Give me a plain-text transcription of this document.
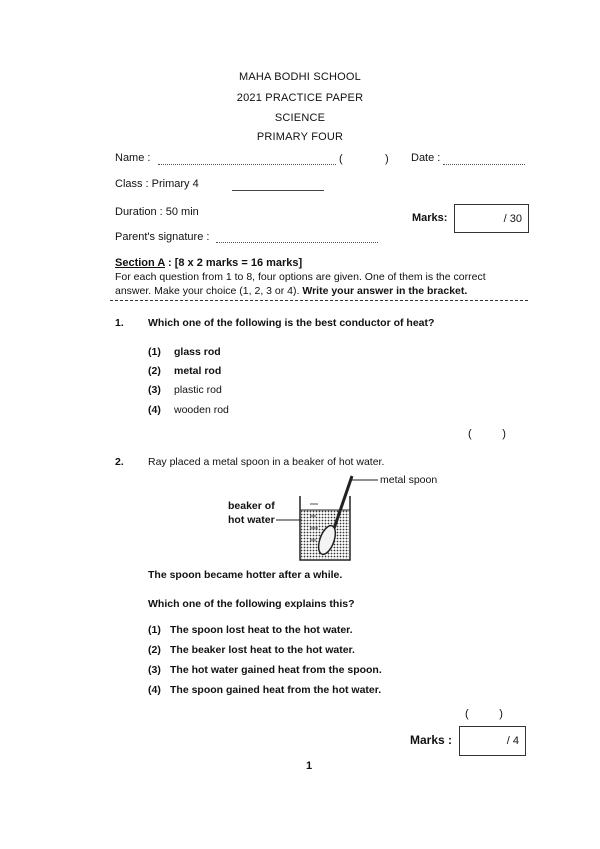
MAHA BODHI SCHOOL
2021 PRACTICE PAPER
SCIENCE
PRIMARY FOUR
Name :	(	) Date :
Class : Primary 4
Duration : 50 min	Marks:	/ 30
Parent's signature :
Section A : [8 x 2 marks = 16 marks]
For each question from 1 to 8, four options are given. One of them is the correct
answer. Make your choice (1, 2, 3 or 4). Write your answer in the bracket.
1. Which one of the following is the best conductor of heat?
(1) glass rod
(2) metal rod
(3) plastic rod
(4) wooden rod
(          )
2. Ray placed a metal spoon in a beaker of hot water.
beaker of
hot water
metal spoon
The spoon became hotter after a while.
Which one of the following explains this?
(1) The spoon lost heat to the hot water.
(2) The beaker lost heat to the hot water.
(3) The hot water gained heat from the spoon.
(4) The spoon gained heat from the hot water.
(          )
Marks :	/ 4
1
